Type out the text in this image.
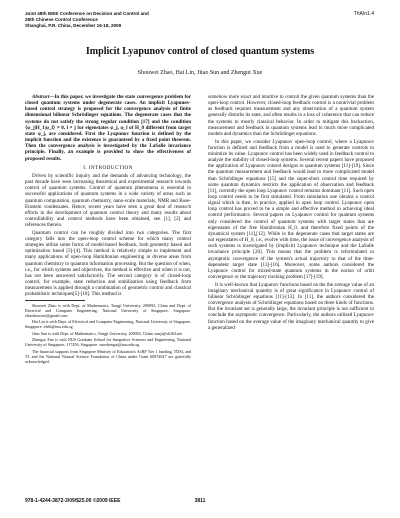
Joint 48th IEEE Conference on Decision and Control and
28th Chinese Control Conference
Shanghai, P.R. China, December 16-18, 2009
ThAIn1.4
Implicit Lyapunov control of closed quantum systems
Shouwei Zhao, Hai Lin, Jitao Sun and Zhengui Xue

Abstract—In this paper, we investigate the state convergence problem for closed quantum systems under degenerate cases. An implicit Lyapunov-based control strategy is proposed for the convergence analysis of finite dimensional bilinear Schrödinger equations. The degenerate cases that the systems do not satisfy the strong regular condition [17] and the condition ⟨φ_j|H_1|φ_l⟩ ≠ 0, l ≠ j for eigenstates φ_j, φ_l of H_0 different from target state φ_j, are considered. First the Lyapunov function is defined by the implicit function and the existence is guaranteed by a fixed point theorem. Then the convergence analysis is investigated by the LaSalle invariance principle. Finally, an example is provided to show the effectiveness of proposed results.

I. INTRODUCTION

Driven by scientific inquiry and the demands of advancing technology, the past decade have seen increasing theoretical and experimental research towards control of quantum systems. Control of quantum phenomena is essential in successful applications of quantum systems in a wide variety of areas such as quantum computation, quantum chemistry, nano-scale materials, NMR and Bose-Einstein condensates. Hence, recent years have seen a great deal of research efforts in the development of quantum control theory and many results about controllability and control methods have been obtained, see [1], [2] and references therein.

Quantum control can be roughly divided into two categories. The first category falls into the open-loop control scheme for which many control strategies utilize some forms of model-based feedback, both geometry based and optimization based [3]-[4]. This method is relatively simple to implement and many applications of open-loop Hamiltonian engineering in diverse areas from quantum chemistry to quantum information processing. But the question of when, i.e., for which systems and objectives, the method is effective and when it is not, has not been answered satisfactorily. The second category is of closed-loop control, for example, state reduction and stabilization using feedback from measurement is applied through a combination of geometric control and classical probabilistic techniques[5]-[10]. This method is

Shouwei Zhao is with Dept. of Mathematics, Tongji University, 200092, China and Dept. of Electrical and Computer Engineering, National University of Singapore, Singapore. zhaoshouwei@gmail.com

Hai Lin is with Dept. of Electrical and Computer Engineering, National University of Singapore, Singapore. elelh@nus.edu.sg

Jitao Sun is with Dept. of Mathematics, Tongji University, 200092, China. sunjt@sh163.net

Zhengui Xue is with NUS Graduate School for Integrative Sciences and Engineering, National University of Singapore, 117456, Singapore. xuezhengui@nus.edu.sg

The financial supports from Singapore Ministry of Education's AcRF Tier 1 funding, TDSI, and TL and the National Natural Science Foundation of China under Grant 60874027 are gratefully acknowledged.

somehow more exact and intuitive to control the given quantum systems than the open-loop control. However, closed-loop feedback control is a nontrivial problem as feedback requires measurement and any observation of a quantum system generally disturbs its state, and often results in a loss of coherence that can reduce the systems to mostly classical behavior. In order to mitigate this backaction, measurement and feedback in quantum systems lead to much more complicated models and dynamics than the Schrödinger equations.

In this paper, we consider Lyapunov open-loop control, where a Lyapunov function is defined and feedback from a model is used to generate controls to minimize its value. Lyapunov control has been widely used in feedback control to analyze the stability of closed-loop systems. Several recent papers have proposed the application of Lyapunov control designs to quantum systems [11]-[19]. Since the quantum measurement and feedback would lead to more complicated model than Schrödinger equations [15] and the super-short control time required by some quantum dynamics restricts the application of observation and feedback [11], currently the open loop Lyapunov control remains dominant [11]. Such open loop control needs to be first simulated. From simulation one obtains a control signal which is then, in practice, applied in open loop control. Lyapunov open loop control has proved to be a simple and effective method in achieving ideal control performance. Several papers on Lyapunov control for quantum systems only considered the control of quantum systems with target states that are eigenstates of the free Hamiltonian H_0, and therefore fixed points of the dynamical system [11],[12]. While in the degenerate cases that target states are not eigenstates of H_0, i.e., evolve with time, the issue of convergence analysis of such systems is investigated by (implicit) Lyapunov technique and the LaSalle invariance principle [20]. This means that the problem is reformulated to asymptotic convergence of the system's actual trajectory to that of the time-dependent target state [13]-[16]. Moreover, some authors considered the Lyapunov control for mixed-state quantum systems in the notion of orbit convergence or the trajectory tracking problem [17]-[19].

It is well-known that Lyapunov functions based on the the average value of an imaginary mechanical quantity is of great significance in Lyapunov control of bilinear Schrödinger equations [11]-[13]. In [11], the authors considered the convergence analysis of Schrödinger equations based on three kinds of functions. But the invariant set is generally large, the invariant principle is not sufficient to conclude the asymptotic convergence. Particularly, the authors utilized Lyapunov function based on the average value of the imaginary mechanical quantity to give a generalized

978-1-4244-3872-3/09/$25.00 ©2009 IEEE	3811
